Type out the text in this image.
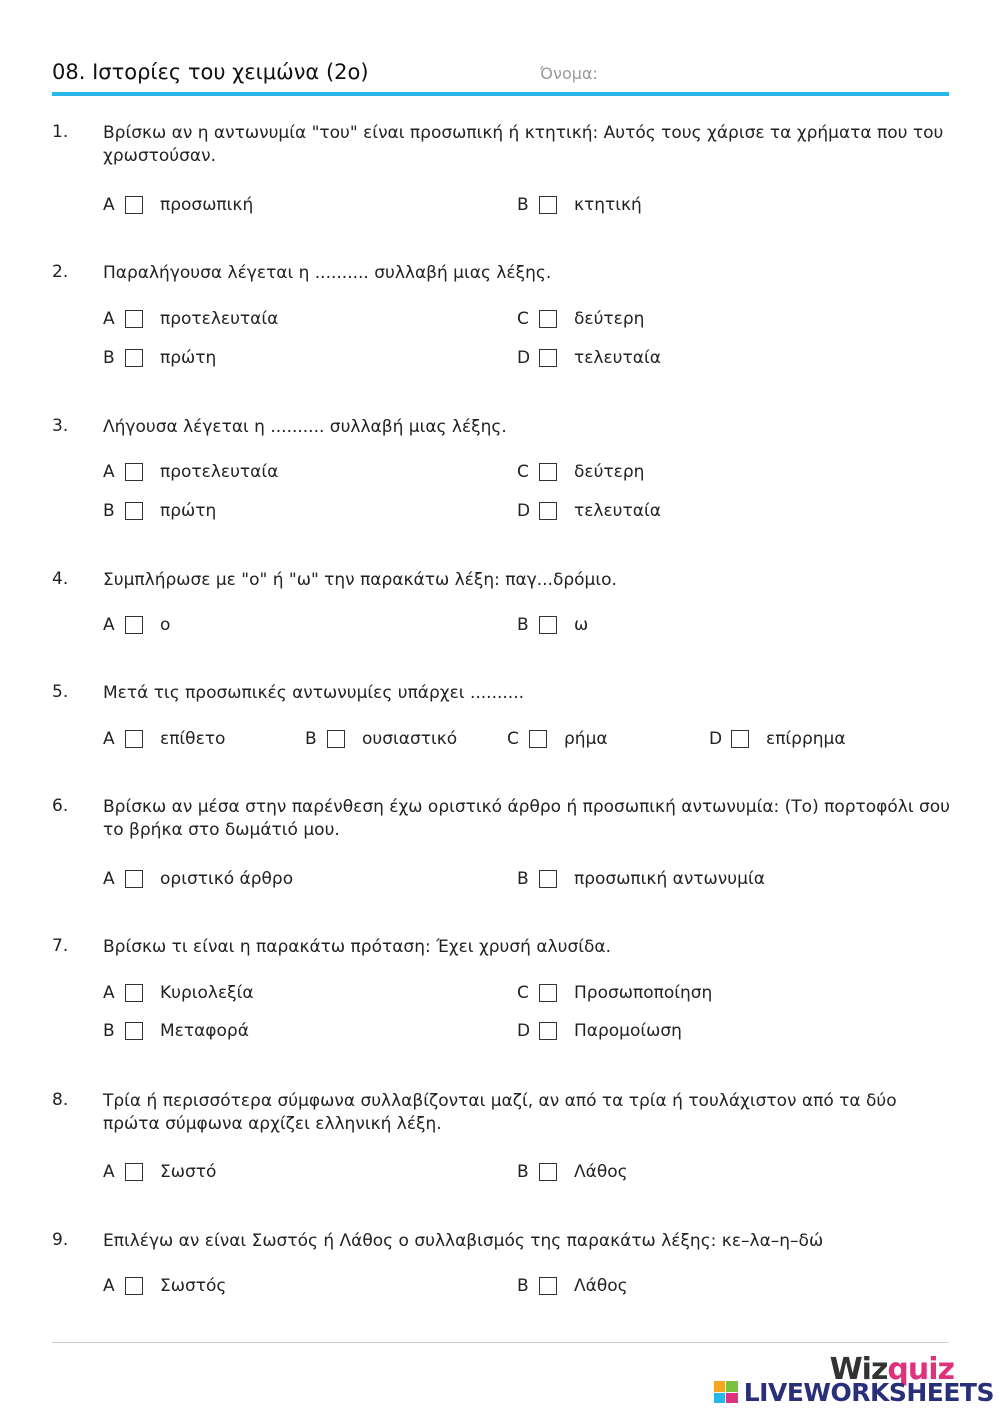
08. Ιστορίες του χειμώνα (2ο)	Όνομα:
1. Βρίσκω αν η αντωνυμία "του" είναι προσωπική ή κτητική: Αυτός τους χάρισε τα χρήματα που του χρωστούσαν.
A	προσωπική	B	κτητική
2. Παραλήγουσα λέγεται η .......... συλλαβή μιας λέξης.
A	προτελευταία	C	δεύτερη
B	πρώτη	D	τελευταία
3. Λήγουσα λέγεται η .......... συλλαβή μιας λέξης.
A	προτελευταία	C	δεύτερη
B	πρώτη	D	τελευταία
4. Συμπλήρωσε με "ο" ή "ω" την παρακάτω λέξη: παγ...δρόμιο.
A	ο	B	ω
5. Μετά τις προσωπικές αντωνυμίες υπάρχει ..........
A	επίθετο	B	ουσιαστικό	C	ρήμα	D	επίρρημα
6. Βρίσκω αν μέσα στην παρένθεση έχω οριστικό άρθρο ή προσωπική αντωνυμία: (Το) πορτοφόλι σου το βρήκα στο δωμάτιό μου.
A	οριστικό άρθρο	B	προσωπική αντωνυμία
7. Βρίσκω τι είναι η παρακάτω πρόταση: Έχει χρυσή αλυσίδα.
A	Κυριολεξία	C	Προσωποποίηση
B	Μεταφορά	D	Παρομοίωση
8. Τρία ή περισσότερα σύμφωνα συλλαβίζονται μαζί, αν από τα τρία ή τουλάχιστον από τα δύο πρώτα σύμφωνα αρχίζει ελληνική λέξη.
A	Σωστό	B	Λάθος
9. Επιλέγω αν είναι Σωστός ή Λάθος ο συλλαβισμός της παρακάτω λέξης: κε–λα–η–δώ
A	Σωστός	B	Λάθος
Wizquiz
LIVEWORKSHEETS
